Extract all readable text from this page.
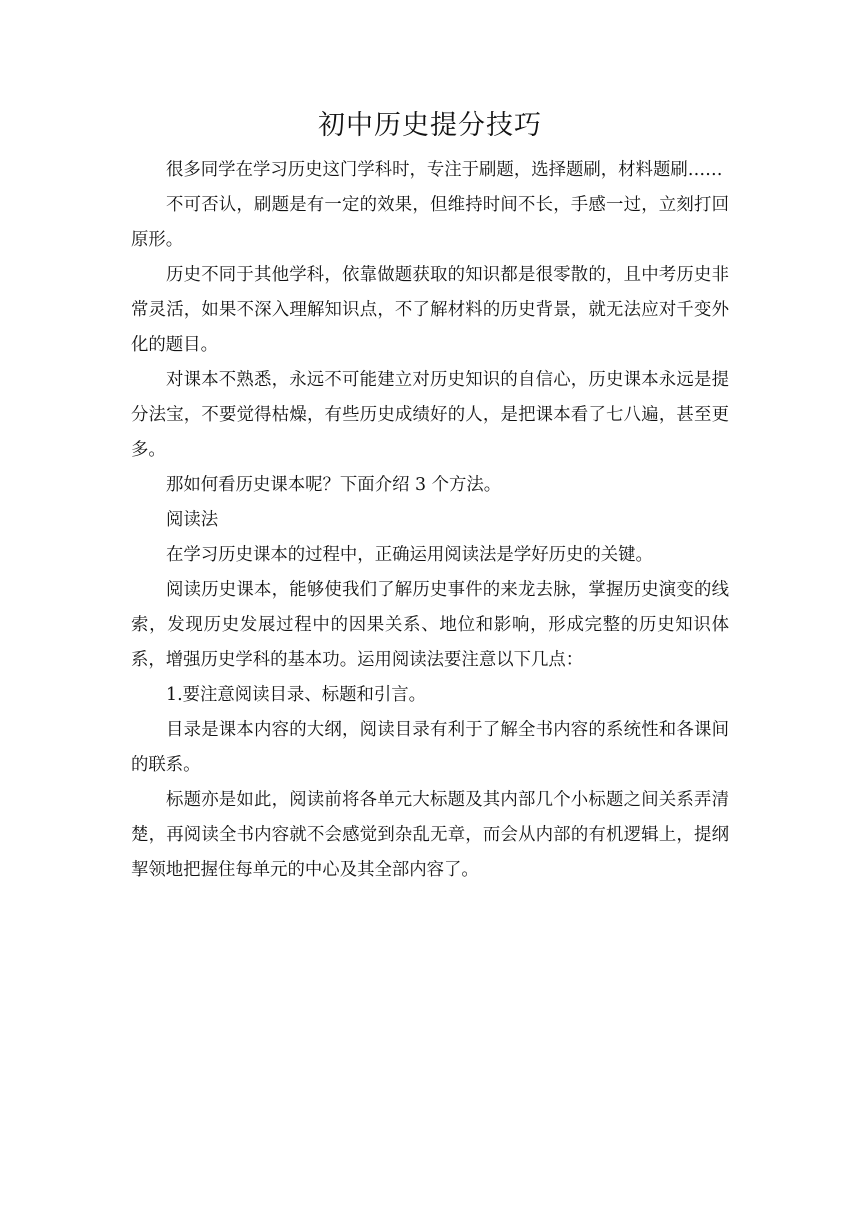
初中历史提分技巧

很多同学在学习历史这门学科时，专注于刷题，选择题刷，材料题刷……

不可否认，刷题是有一定的效果，但维持时间不长，手感一过，立刻打回原形。

历史不同于其他学科，依靠做题获取的知识都是很零散的，且中考历史非常灵活，如果不深入理解知识点，不了解材料的历史背景，就无法应对千变外化的题目。

对课本不熟悉，永远不可能建立对历史知识的自信心，历史课本永远是提分法宝，不要觉得枯燥，有些历史成绩好的人，是把课本看了七八遍，甚至更多。

那如何看历史课本呢？下面介绍 3 个方法。

阅读法

在学习历史课本的过程中，正确运用阅读法是学好历史的关键。

阅读历史课本，能够使我们了解历史事件的来龙去脉，掌握历史演变的线索，发现历史发展过程中的因果关系、地位和影响，形成完整的历史知识体系，增强历史学科的基本功。运用阅读法要注意以下几点：

1.要注意阅读目录、标题和引言。

目录是课本内容的大纲，阅读目录有利于了解全书内容的系统性和各课间的联系。

标题亦是如此，阅读前将各单元大标题及其内部几个小标题之间关系弄清楚，再阅读全书内容就不会感觉到杂乱无章，而会从内部的有机逻辑上，提纲挈领地把握住每单元的中心及其全部内容了。
